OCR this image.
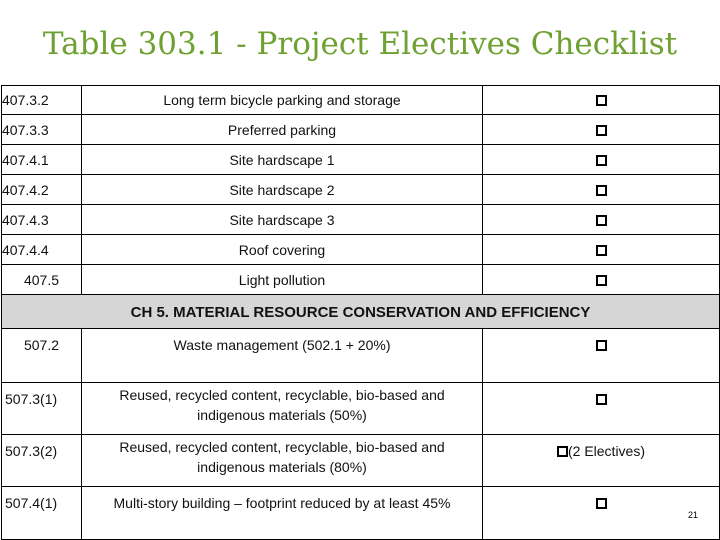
Table 303.1 - Project Electives Checklist
407.3.2	Long term bicycle parking and storage	
407.3.3	Preferred parking	
407.4.1	Site hardscape 1	
407.4.2	Site hardscape 2	
407.4.3	Site hardscape 3	
407.4.4	Roof covering	
407.5	Light pollution	
CH 5. MATERIAL RESOURCE CONSERVATION AND EFFICIENCY		
507.2	Waste management (502.1 + 20%)	
507.3(1)	Reused, recycled content, recyclable, bio-based and
indigenous materials (50%)	
507.3(2)	Reused, recycled content, recyclable, bio-based and
indigenous materials (80%)	(2 Electives)
507.4(1)	Multi-story building – footprint reduced by at least 45%	
21
